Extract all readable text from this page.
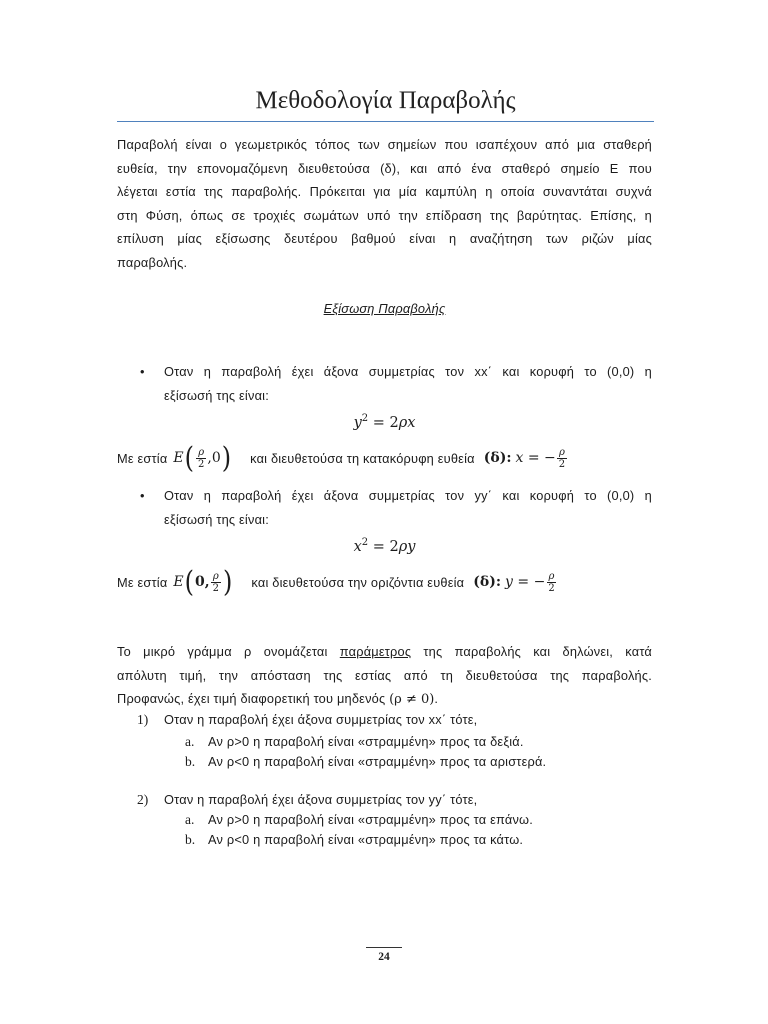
Μεθοδολογία Παραβολής
Παραβολή είναι ο γεωμετρικός τόπος των σημείων που ισαπέχουν από μια σταθερή
ευθεία, την επονομαζόμενη διευθετούσα (δ), και από ένα σταθερό σημείο Ε που
λέγεται εστία της παραβολής. Πρόκειται για μία καμπύλη η οποία συναντάται συχνά
στη Φύση, όπως σε τροχιές σωμάτων υπό την επίδραση της βαρύτητας. Επίσης, η
επίλυση μίας εξίσωσης δευτέρου βαθμού είναι η αναζήτηση των ριζών μίας
παραβολής.
Εξίσωση Παραβολής
• Οταν η παραβολή έχει άξονα συμμετρίας τον xx΄ και κορυφή το (0,0) η
εξίσωσή της είναι:
$y^2 = 2\rho x$
Με εστία E ( $\frac{\rho}{2} ,0$ ) και διευθετούσα τη κατακόρυφη ευθεία (δ): x = − $\frac{\rho}{2}$
• Οταν η παραβολή έχει άξονα συμμετρίας τον yy΄ και κορυφή το (0,0) η
εξίσωσή της είναι:
$x^2 = 2\rho y$
Με εστία E ( 0, $\frac{\rho}{2}$ ) και διευθετούσα την οριζόντια ευθεία (δ): y = − $\frac{\rho}{2}$
Το μικρό γράμμα ρ ονομάζεται παράμετρος της παραβολής και δηλώνει, κατά
απόλυτη τιμή, την απόσταση της εστίας από τη διευθετούσα της παραβολής.
Προφανώς, έχει τιμή διαφορετική του μηδενός (ρ ≠ 0).
1) Οταν η παραβολή έχει άξονα συμμετρίας τον xx΄ τότε,
a. Αν ρ>0 η παραβολή είναι «στραμμένη» προς τα δεξιά.
b. Αν ρ<0 η παραβολή είναι «στραμμένη» προς τα αριστερά.
2) Οταν η παραβολή έχει άξονα συμμετρίας τον yy΄ τότε,
a. Αν ρ>0 η παραβολή είναι «στραμμένη» προς τα επάνω.
b. Αν ρ<0 η παραβολή είναι «στραμμένη» προς τα κάτω.
24
